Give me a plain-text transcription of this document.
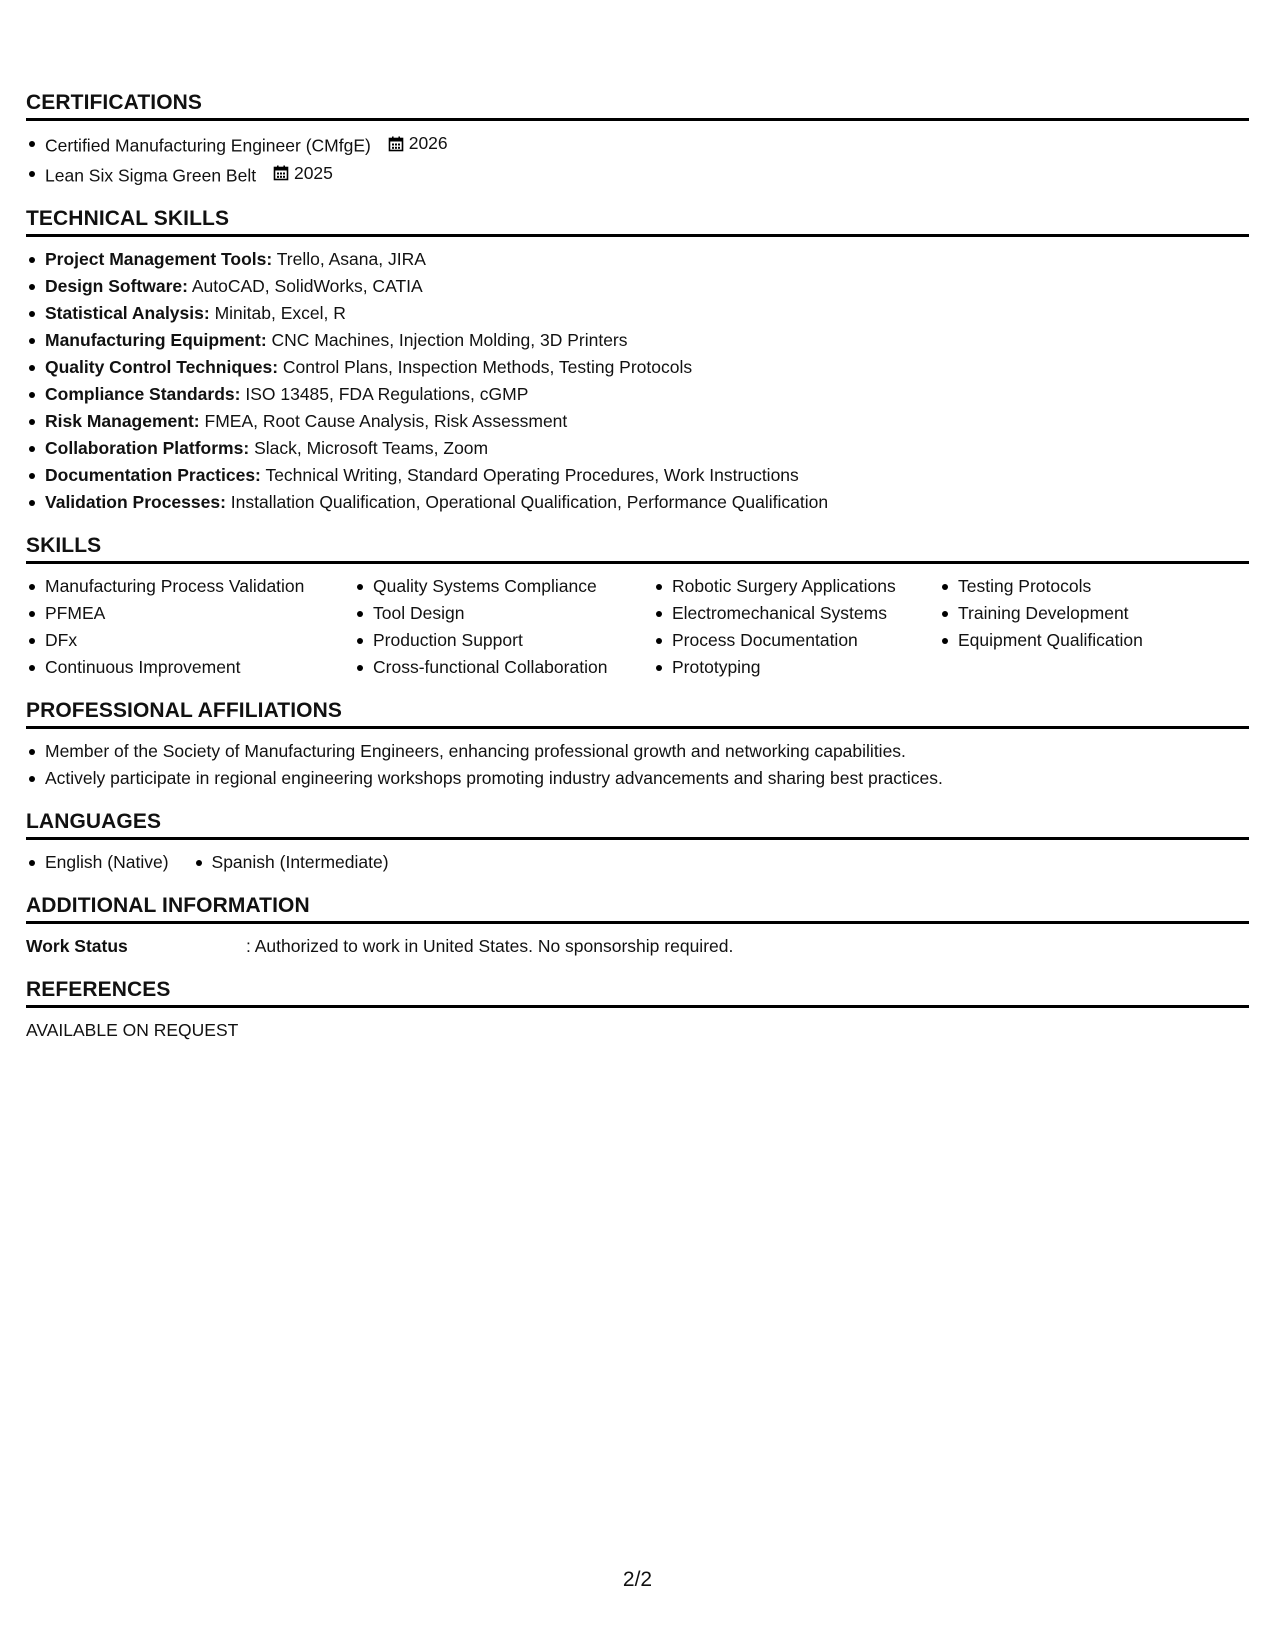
CERTIFICATIONS
Certified Manufacturing Engineer (CMfgE) 2026
Lean Six Sigma Green Belt 2025
TECHNICAL SKILLS
Project Management Tools: Trello, Asana, JIRA
Design Software: AutoCAD, SolidWorks, CATIA
Statistical Analysis: Minitab, Excel, R
Manufacturing Equipment: CNC Machines, Injection Molding, 3D Printers
Quality Control Techniques: Control Plans, Inspection Methods, Testing Protocols
Compliance Standards: ISO 13485, FDA Regulations, cGMP
Risk Management: FMEA, Root Cause Analysis, Risk Assessment
Collaboration Platforms: Slack, Microsoft Teams, Zoom
Documentation Practices: Technical Writing, Standard Operating Procedures, Work Instructions
Validation Processes: Installation Qualification, Operational Qualification, Performance Qualification
SKILLS
Manufacturing Process Validation
PFMEA
DFx
Continuous Improvement
Quality Systems Compliance
Tool Design
Production Support
Cross-functional Collaboration
Robotic Surgery Applications
Electromechanical Systems
Process Documentation
Prototyping
Testing Protocols
Training Development
Equipment Qualification
PROFESSIONAL AFFILIATIONS
Member of the Society of Manufacturing Engineers, enhancing professional growth and networking capabilities.
Actively participate in regional engineering workshops promoting industry advancements and sharing best practices.
LANGUAGES
English (Native)	Spanish (Intermediate)
ADDITIONAL INFORMATION
Work Status	: Authorized to work in United States. No sponsorship required.
REFERENCES
AVAILABLE ON REQUEST
2/2
